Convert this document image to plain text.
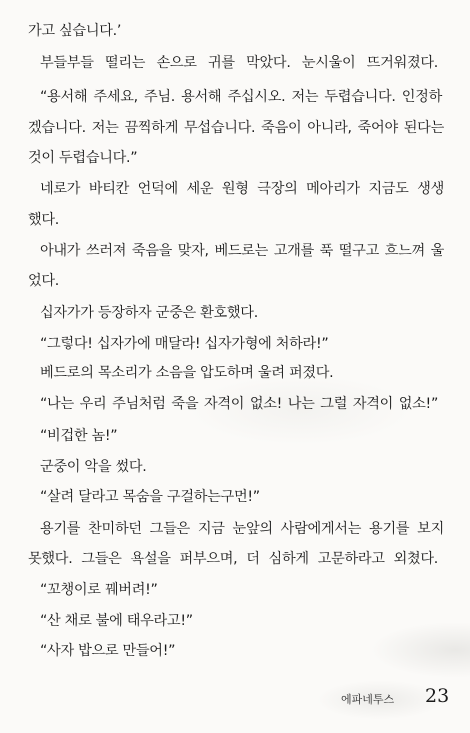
가고 싶습니다.’
부들부들 떨리는 손으로 귀를 막았다. 눈시울이 뜨거워졌다.
“용서해 주세요, 주님. 용서해 주십시오. 저는 두렵습니다. 인정하
겠습니다. 저는 끔찍하게 무섭습니다. 죽음이 아니라, 죽어야 된다는
것이 두렵습니다.”
네로가 바티칸 언덕에 세운 원형 극장의 메아리가 지금도 생생
했다.
아내가 쓰러져 죽음을 맞자, 베드로는 고개를 푹 떨구고 흐느껴 울
었다.
십자가가 등장하자 군중은 환호했다.
“그렇다! 십자가에 매달라! 십자가형에 처하라!”
베드로의 목소리가 소음을 압도하며 울려 퍼졌다.
“나는 우리 주님처럼 죽을 자격이 없소! 나는 그럴 자격이 없소!”
“비겁한 놈!”
군중이 악을 썼다.
“살려 달라고 목숨을 구걸하는구먼!”
용기를 찬미하던 그들은 지금 눈앞의 사람에게서는 용기를 보지
못했다. 그들은 욕설을 퍼부으며, 더 심하게 고문하라고 외쳤다.
“꼬챙이로 꿰버려!”
“산 채로 불에 태우라고!”
“사자 밥으로 만들어!”
에파네투스 23
